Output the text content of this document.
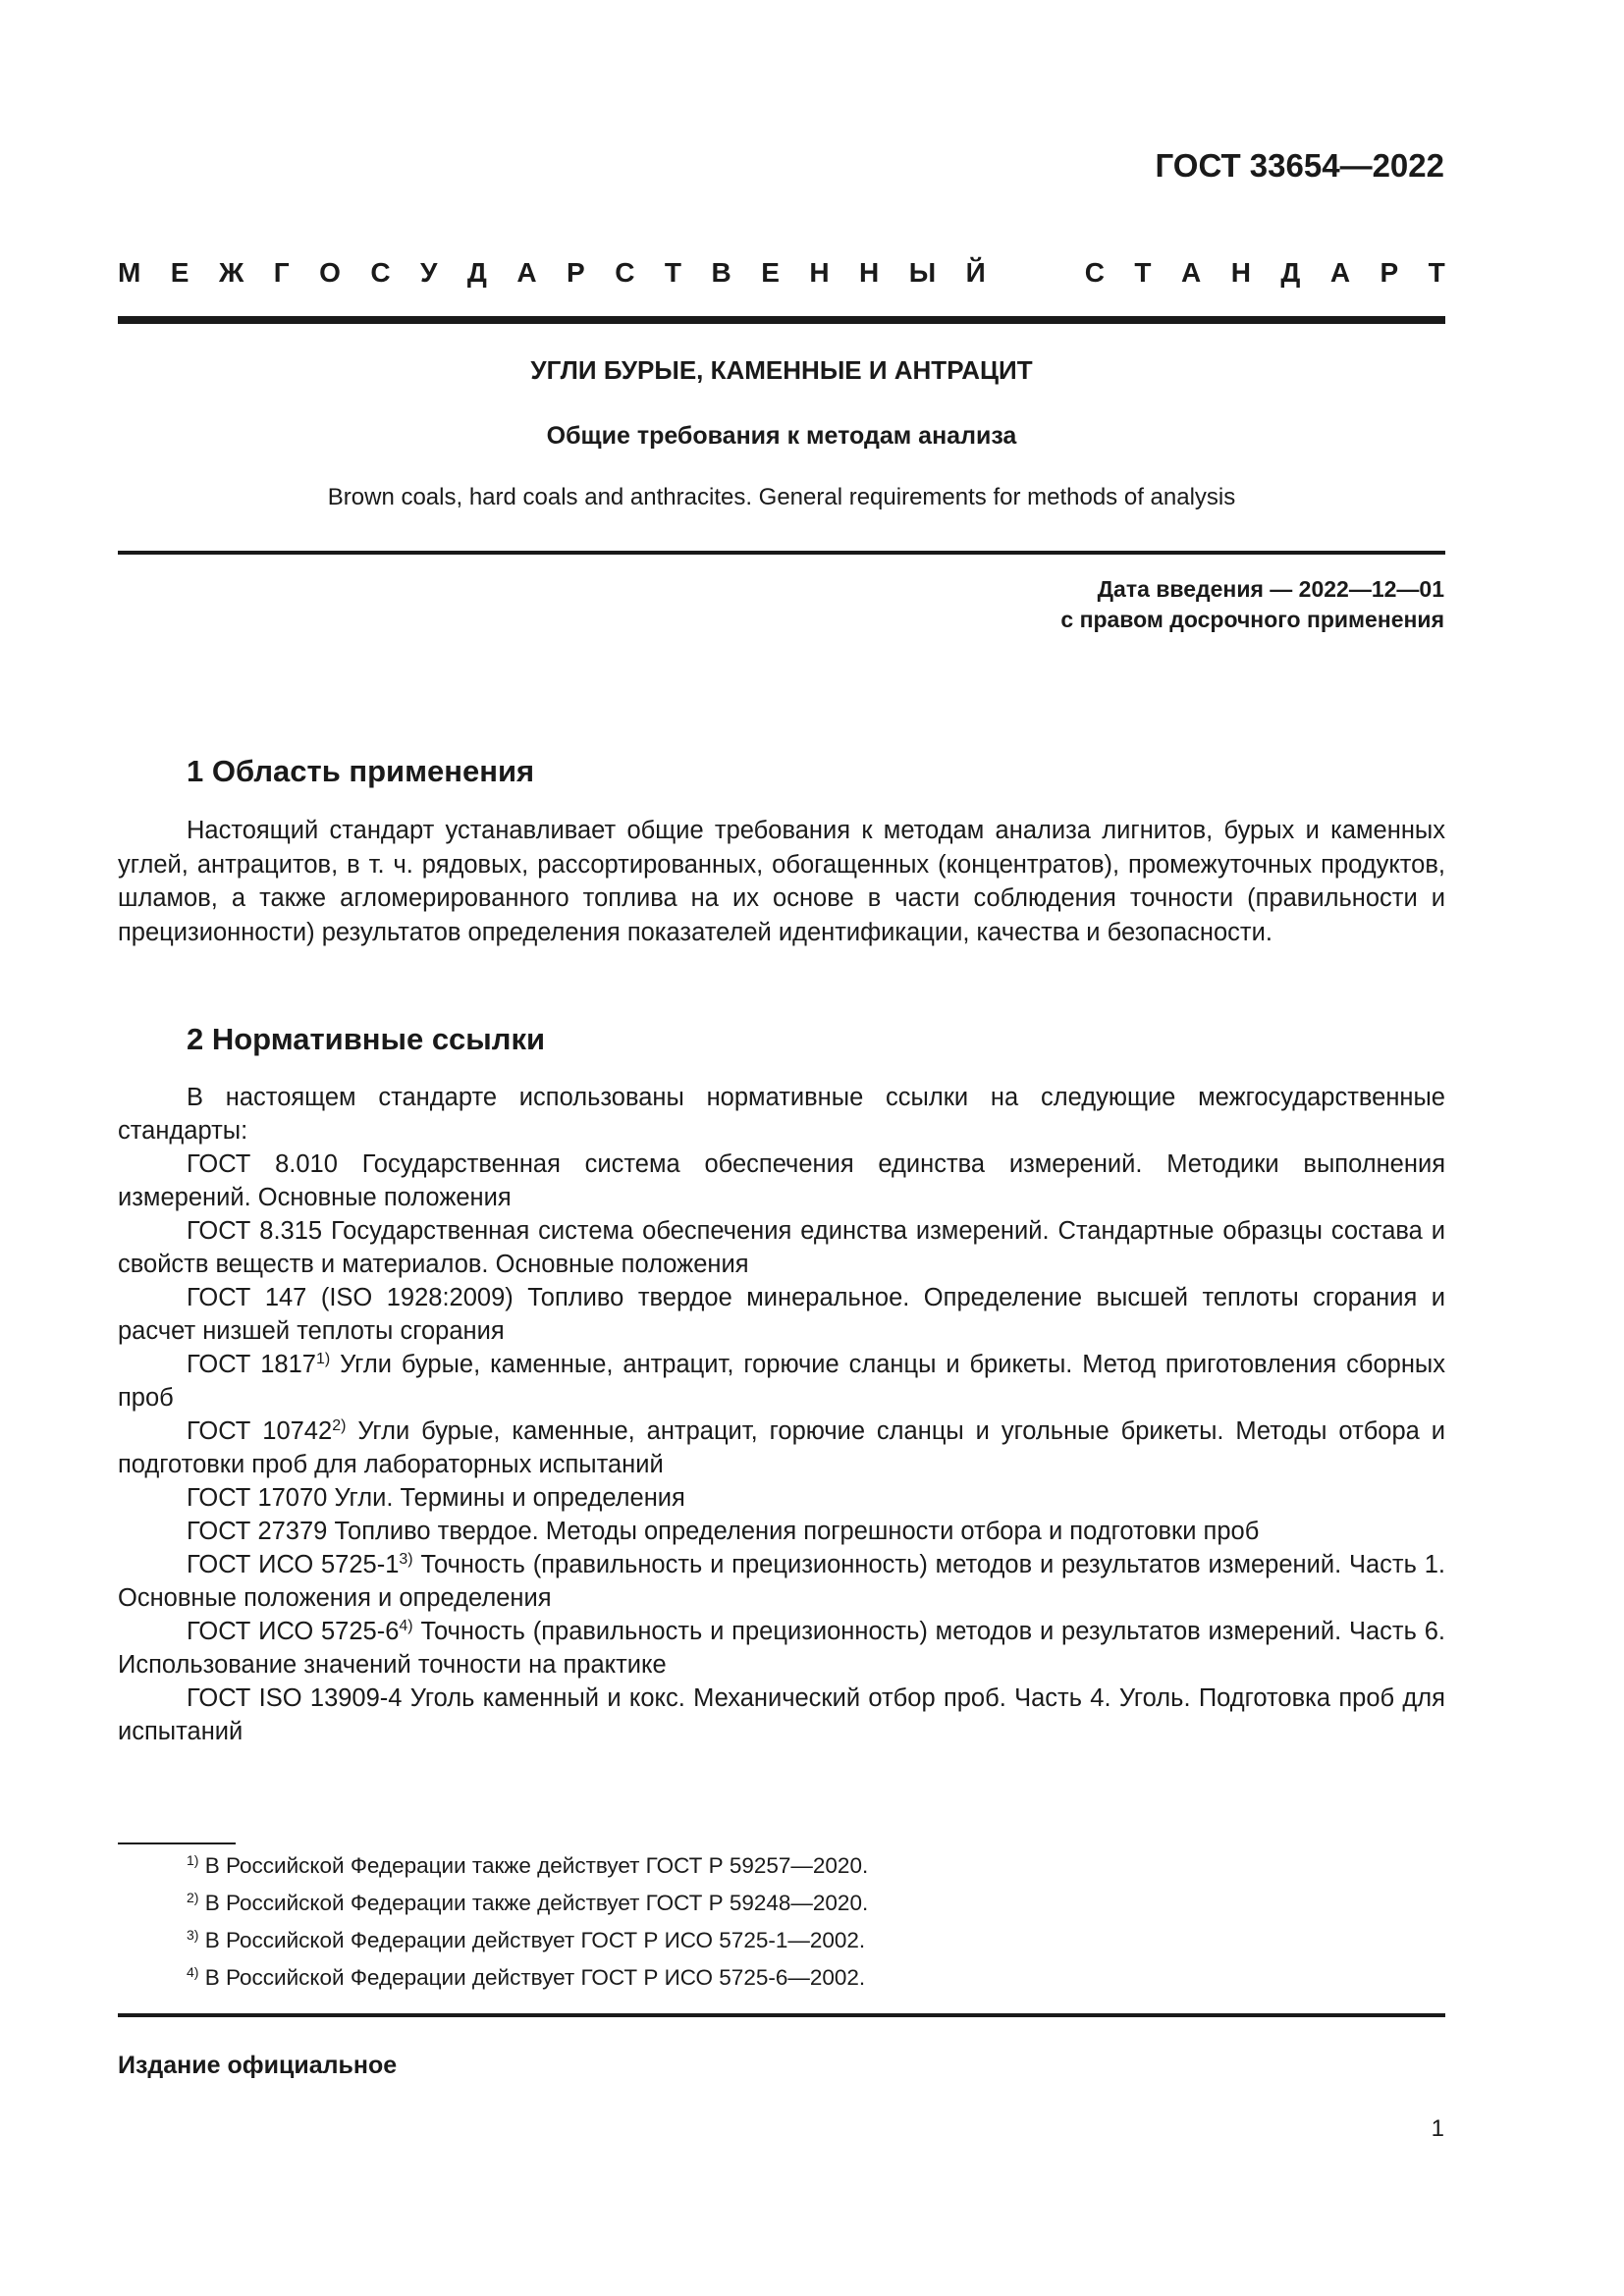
ГОСТ 33654—2022
М Е Ж Г О С У Д А Р С Т В Е Н Н Ы Й	С Т А Н Д А Р Т
УГЛИ БУРЫЕ, КАМЕННЫЕ И АНТРАЦИТ
Общие требования к методам анализа
Brown coals, hard coals and anthracites. General requirements for methods of analysis
Дата введения — 2022—12—01
с правом досрочного применения
1 Область применения

Настоящий стандарт устанавливает общие требования к методам анализа лигнитов, бурых и каменных углей, антрацитов, в т. ч. рядовых, рассортированных, обогащенных (концентратов), промежуточных продуктов, шламов, а также агломерированного топлива на их основе в части соблюдения точности (правильности и прецизионности) результатов определения показателей идентификации, качества и безопасности.

2 Нормативные ссылки

В настоящем стандарте использованы нормативные ссылки на следующие межгосударственные стандарты:

ГОСТ 8.010 Государственная система обеспечения единства измерений. Методики выполнения измерений. Основные положения

ГОСТ 8.315 Государственная система обеспечения единства измерений. Стандартные образцы состава и свойств веществ и материалов. Основные положения

ГОСТ 147 (ISO 1928:2009) Топливо твердое минеральное. Определение высшей теплоты сгорания и расчет низшей теплоты сгорания

ГОСТ 1817$^{1)}$ Угли бурые, каменные, антрацит, горючие сланцы и брикеты. Метод приготовления сборных проб

ГОСТ 10742$^{2)}$ Угли бурые, каменные, антрацит, горючие сланцы и угольные брикеты. Методы отбора и подготовки проб для лабораторных испытаний

ГОСТ 17070 Угли. Термины и определения

ГОСТ 27379 Топливо твердое. Методы определения погрешности отбора и подготовки проб

ГОСТ ИСО 5725-1$^{3)}$ Точность (правильность и прецизионность) методов и результатов измерений. Часть 1. Основные положения и определения

ГОСТ ИСО 5725-6$^{4)}$ Точность (правильность и прецизионность) методов и результатов измерений. Часть 6. Использование значений точности на практике

ГОСТ ISO 13909-4 Уголь каменный и кокс. Механический отбор проб. Часть 4. Уголь. Подготовка проб для испытаний

$^{1)}$ В Российской Федерации также действует ГОСТ Р 59257—2020.
$^{2)}$ В Российской Федерации также действует ГОСТ Р 59248—2020.
$^{3)}$ В Российской Федерации действует ГОСТ Р ИСО 5725-1—2002.
$^{4)}$ В Российской Федерации действует ГОСТ Р ИСО 5725-6—2002.
Издание официальное
1
